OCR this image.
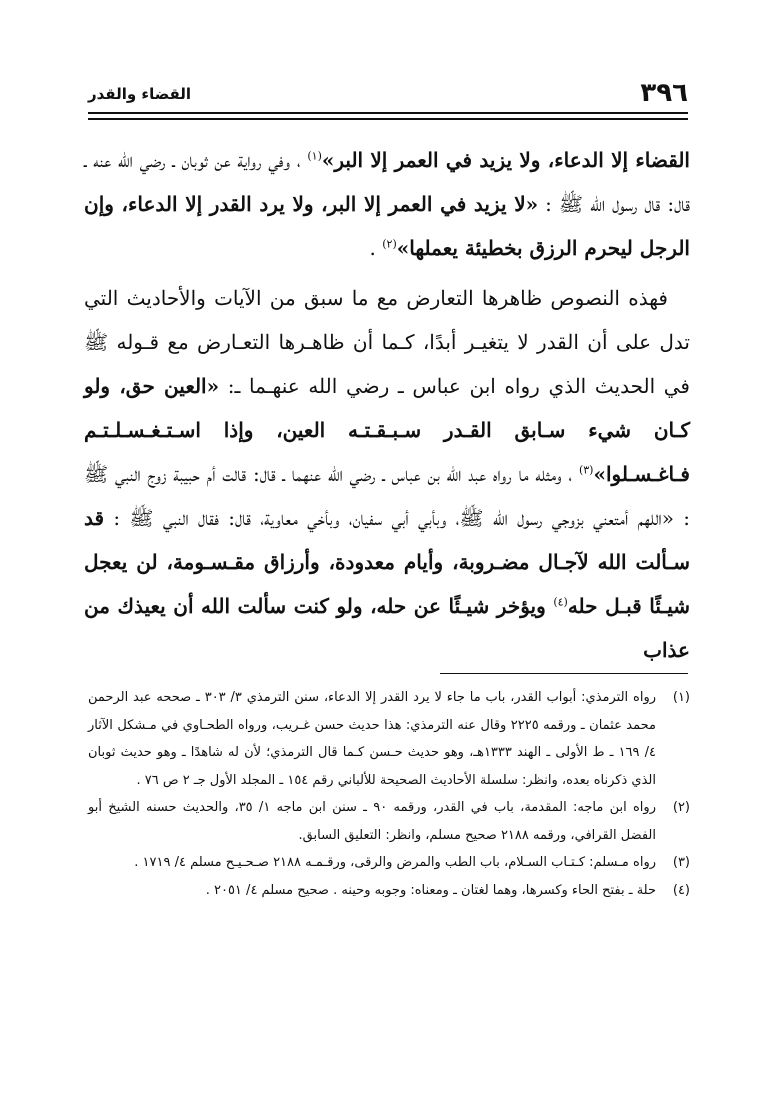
٣٩٦
القضاء والقدر

القضاء إلا الدعاء، ولا يزيد في العمر إلا البر»$^{(١)}$ ، وفي رواية عن ثوبان ـ رضي الله عنه ـ قال: قال رسول الله ﷺ : «لا يزيد في العمر إلا البر، ولا يرد القدر إلا الدعاء، وإن الرجل ليحرم الرزق بخطيئة يعملها»$^{(٢)}$ .

فهذه النصوص ظاهرها التعارض مع ما سبق من الآيات والأحاديث التي تدل على أن القدر لا يتغيـر أبدًا، كـما أن ظاهـرها التعـارض مع قـوله ﷺ في الحديث الذي رواه ابن عباس ـ رضي الله عنهـما ـ: «العين حق، ولو كـان شيء سـابق القـدر سـبـقـتـه العين، وإذا اسـتـغـسـلـتـم فـاغـسـلوا»$^{(٣)}$ ، ومثله ما رواه عبد الله بن عباس ـ رضي الله عنهما ـ قال: قالت أم حبيبة زوج النبي ﷺ : «اللهم أمتعني بزوجي رسول الله ﷺ، وبأبي أبي سفيان، وبأخي معاوية، قال: فقال النبي ﷺ : قد سـألت الله لآجـال مضـروبة، وأيام معدودة، وأرزاق مقـسـومة، لن يعجل شيـئًا قبـل حله$^{(٤)}$ ويؤخر شيـئًا عن حله، ولو كنت سألت الله أن يعيذك من عذاب

(١)
رواه الترمذي: أبواب القدر، باب ما جاء لا يرد القدر إلا الدعاء، سنن الترمذي ٣/ ٣٠٣ ـ صححه عبد الرحمن محمد عثمان ـ ورقمه ٢٢٢٥ وقال عنه الترمذي: هذا حديث حسن غـريب، ورواه الطحـاوي في مـشكل الآثار ٤/ ١٦٩ ـ ط الأولى ـ الهند ١٣٣٣هـ، وهو حديث حـسن كـما قال الترمذي؛ لأن له شاهدًا ـ وهو حديث ثوبان الذي ذكرناه بعده، وانظر: سلسلة الأحاديث الصحيحة للألباني رقم ١٥٤ ـ المجلد الأول جـ ٢ ص ٧٦ .
(٢)
رواه ابن ماجه: المقدمة، باب في القدر، ورقمه ٩٠ ـ سنن ابن ماجه ١/ ٣٥، والحديث حسنه الشيخ أبو الفضل القرافي، ورقمه ٢١٨٨ صحيح مسلم، وانظر: التعليق السابق.
(٣)
رواه مـسلم: كـتـاب السـلام، باب الطب والمرض والرقى، ورقـمـه ٢١٨٨ صـحـيـح مسلم ٤/ ١٧١٩ .
(٤)
حلة ـ بفتح الحاء وكسرها، وهما لغتان ـ ومعناه: وجوبه وحينه . صحيح مسلم ٤/ ٢٠٥١ .
